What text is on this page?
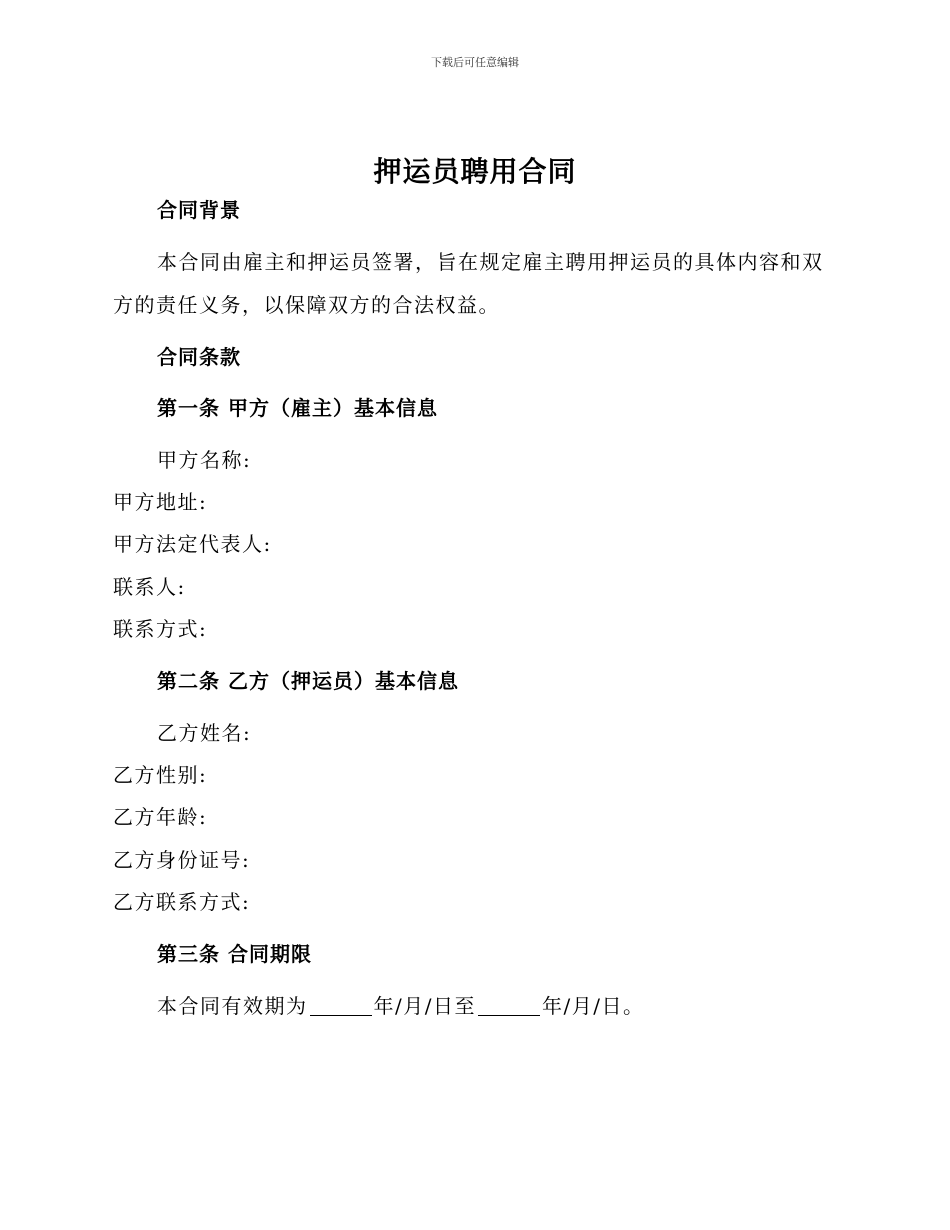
下载后可任意编辑
押运员聘用合同
合同背景
本合同由雇主和押运员签署，旨在规定雇主聘用押运员的具体内容和双
方的责任义务，以保障双方的合法权益。
合同条款
第一条 甲方（雇主）基本信息
甲方名称:
甲方地址:
甲方法定代表人:
联系人:
联系方式:
第二条 乙方（押运员）基本信息
乙方姓名:
乙方性别:
乙方年龄:
乙方身份证号:
乙方联系方式:
第三条 合同期限
本合同有效期为	年/月/日至	年/月/日。
